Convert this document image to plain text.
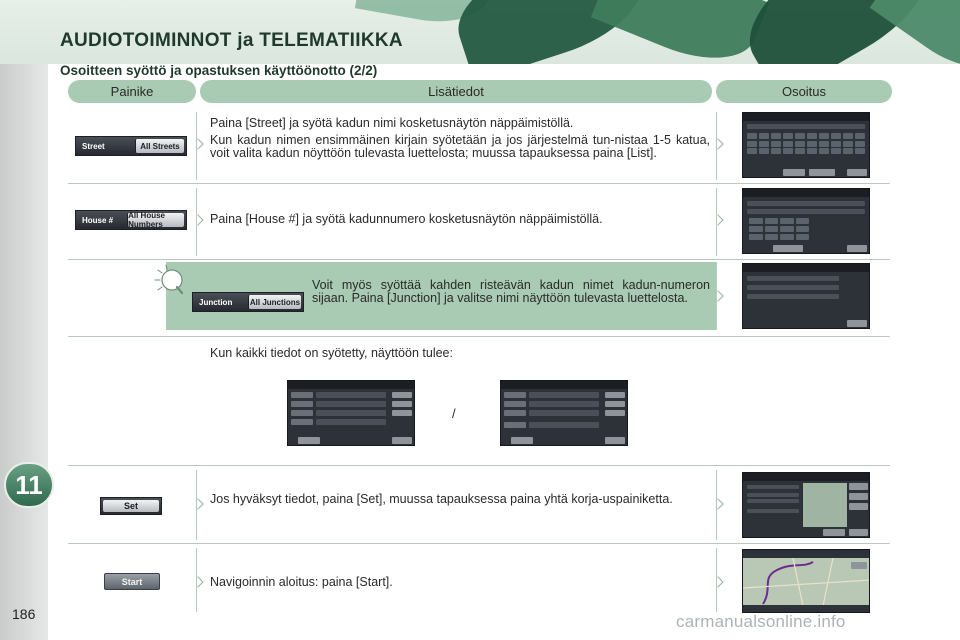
AUDIOTOIMINNOT ja TELEMATIIKKA
Osoitteen syöttö ja opastuksen käyttöönotto (2/2)
11
186
Painike	Lisätiedot	Osoitus
Street	All Streets
Paina [Street] ja syötä kadun nimi kosketusnäytön näppäimistöllä.
Kun kadun nimen ensimmäinen kirjain syötetään ja jos järjestelmä tun-nistaa 1-5 katua, voit valita kadun nöyttöön tulevasta luettelosta; muussa tapauksessa paina [List].
House #	All House Numbers	Paina [House #] ja syötä kadunnumero kosketusnäytön näppäimistöllä.
Junction	All Junctions
Voit myös syöttää kahden risteävän kadun nimet kadun-numeron sijaan. Paina [Junction] ja valitse nimi näyttöön tulevasta luettelosta.
Kun kaikki tiedot on syötetty, näyttöön tulee:
/
Set	Jos hyväksyt tiedot, paina [Set], muussa tapauksessa paina yhtä korja-uspainiketta.
Start	Navigoinnin aloitus: paina [Start].
carmanualsonline.info
